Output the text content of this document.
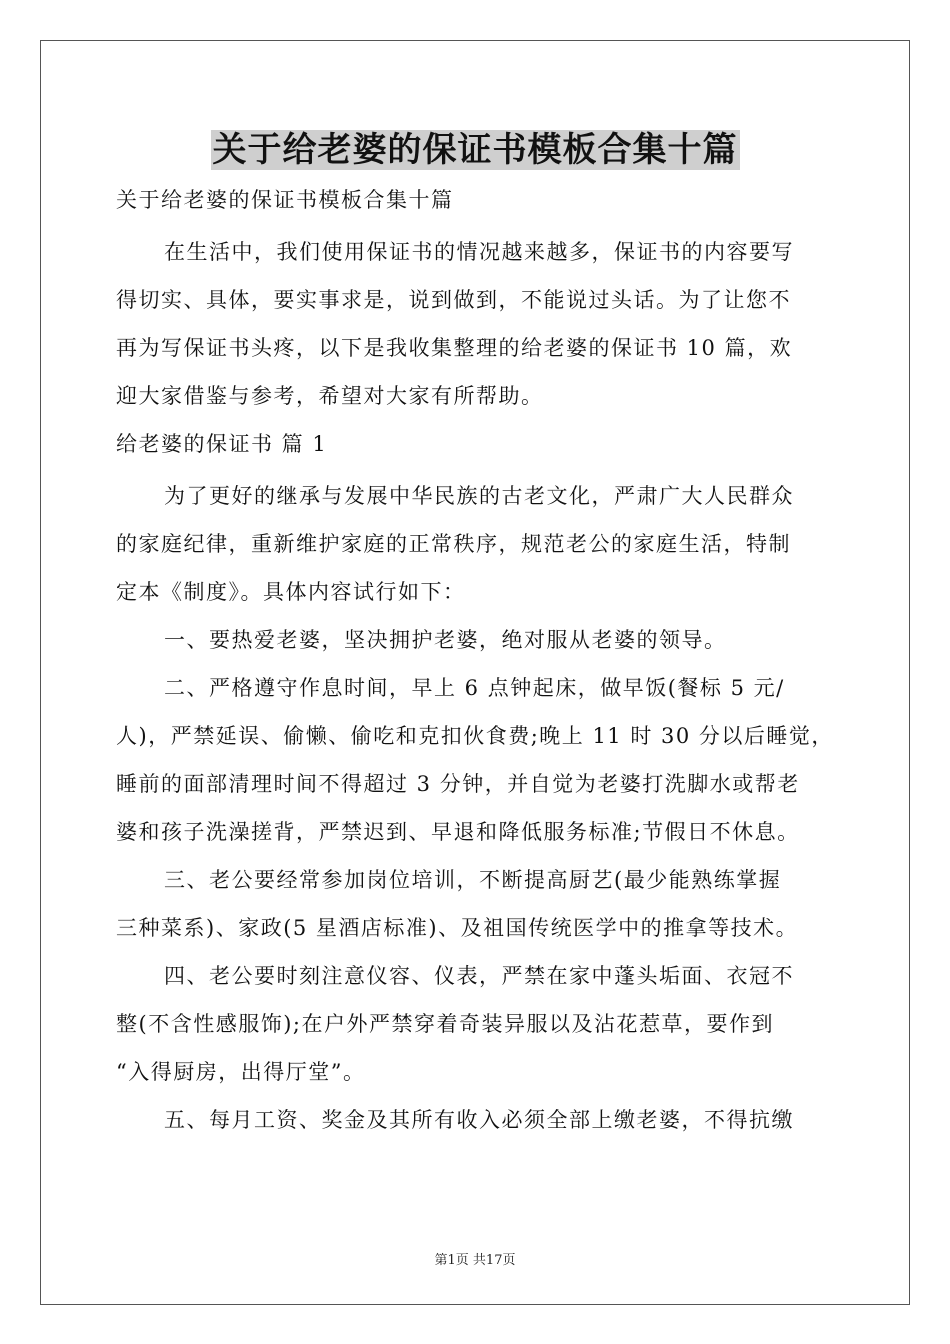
关于给老婆的保证书模板合集十篇
关于给老婆的保证书模板合集十篇
在生活中，我们使用保证书的情况越来越多，保证书的内容要写
得切实、具体，要实事求是，说到做到，不能说过头话。为了让您不
再为写保证书头疼，以下是我收集整理的给老婆的保证书 10 篇，欢
迎大家借鉴与参考，希望对大家有所帮助。
给老婆的保证书 篇 1
为了更好的继承与发展中华民族的古老文化，严肃广大人民群众
的家庭纪律，重新维护家庭的正常秩序，规范老公的家庭生活，特制
定本《制度》。具体内容试行如下：
一、要热爱老婆，坚决拥护老婆，绝对服从老婆的领导。
二、严格遵守作息时间，早上 6 点钟起床，做早饭(餐标 5 元/
人)，严禁延误、偷懒、偷吃和克扣伙食费;晚上 11 时 30 分以后睡觉，
睡前的面部清理时间不得超过 3 分钟，并自觉为老婆打洗脚水或帮老
婆和孩子洗澡搓背，严禁迟到、早退和降低服务标准;节假日不休息。
三、老公要经常参加岗位培训，不断提高厨艺(最少能熟练掌握
三种菜系)、家政(5 星酒店标准)、及祖国传统医学中的推拿等技术。
四、老公要时刻注意仪容、仪表，严禁在家中蓬头垢面、衣冠不
整(不含性感服饰);在户外严禁穿着奇装异服以及沾花惹草，要作到
“入得厨房，出得厅堂”。
五、每月工资、奖金及其所有收入必须全部上缴老婆，不得抗缴
第1页 共17页
